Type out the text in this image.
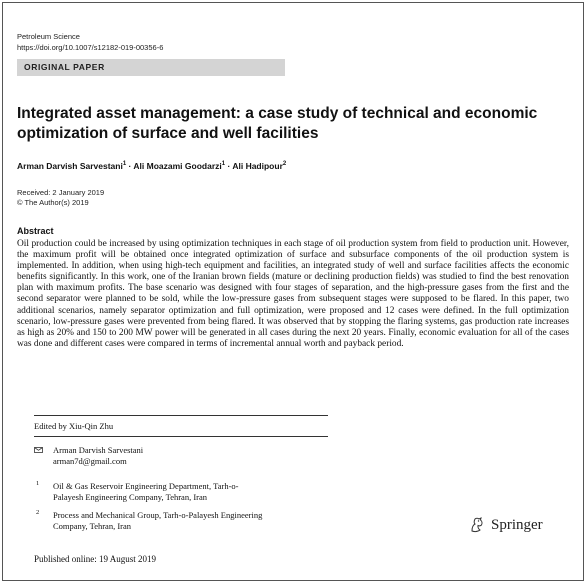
Petroleum Science
https://doi.org/10.1007/s12182-019-00356-6
ORIGINAL PAPER
Integrated asset management: a case study of technical and economic
optimization of surface and well facilities
Arman Darvish Sarvestani$^1$ · Ali Moazami Goodarzi$^1$ · Ali Hadipour$^2$
Received: 2 January 2019
© The Author(s) 2019
Abstract
Oil production could be increased by using optimization techniques in each stage of oil production system from field to production unit. However, the maximum profit will be obtained once integrated optimization of surface and subsurface components of the oil production system is implemented. In addition, when using high-tech equipment and facilities, an integrated study of well and surface facilities affects the economic benefits significantly. In this work, one of the Iranian brown fields (mature or declining production fields) was studied to find the best renovation plan with maximum profits. The base scenario was designed with four stages of separation, and the high-pressure gases from the first and the second separator were planned to be sold, while the low-pressure gases from subsequent stages were supposed to be flared. In this paper, two additional scenarios, namely separator optimization and full optimization, were proposed and 12 cases were defined. In the full optimization scenario, low-pressure gases were prevented from being flared. It was observed that by stopping the flaring systems, gas production rate increases as high as 20% and 150 to 200 MW power will be generated in all cases during the next 20 years. Finally, economic evaluation for all of the cases was done and different cases were compared in terms of incremental annual worth and payback period.
Edited by Xiu-Qin Zhu
Arman Darvish Sarvestani
arman7d@gmail.com
1 Oil & Gas Reservoir Engineering Department, Tarh-o-
Palayesh Engineering Company, Tehran, Iran
2 Process and Mechanical Group, Tarh-o-Palayesh Engineering
Company, Tehran, Iran
Published online: 19 August 2019
Springer
